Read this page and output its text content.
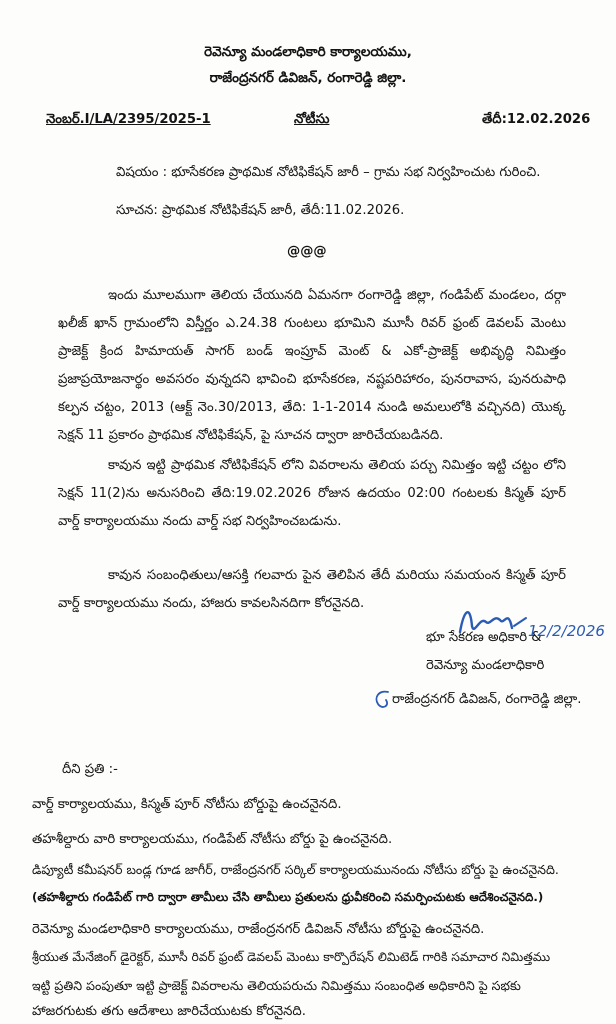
రెవెన్యూ మండలాధికారి కార్యాలయము,
రాజేంద్రనగర్ డివిజన్, రంగారెడ్డి జిల్లా.
నెంబర్.I/LA/2395/2025-1	నోటీసు	తేదీ:12.02.2026
విషయం : భూసేకరణ ప్రాథమిక నోటిఫికేషన్ జారీ – గ్రామ సభ నిర్వహించుట గురించి.
సూచన: ప్రాథమిక నోటిఫికేషన్ జారీ, తేదీ:11.02.2026.
@@@
ఇందు మూలముగా తెలియ చేయునది ఏమనగా రంగారెడ్డి జిల్లా, గండిపేట్ మండలం, దర్గా ఖలీజ్ ఖాన్ గ్రామంలోని విస్తీర్ణం ఎ.24.38 గుంటలు భూమిని మూసీ రివర్ ఫ్రంట్ డెవలప్ మెంటు ప్రాజెక్ట్ క్రింద హిమాయత్ సాగర్ బండ్ ఇంప్రూవ్ మెంట్ & ఎకో-ప్రాజెక్ట్ అభివృద్ధి నిమిత్తం ప్రజాప్రయోజనార్థం అవసరం వున్నదని భావించి భూసేకరణ, నష్టపరిహారం, పునరావాస, పునరుపాధి కల్పన చట్టం, 2013 (ఆక్ట్ నెం.30/2013, తేది: 1-1-2014 నుండి అమలులోకి వచ్చినది) యొక్క సెక్షన్ 11 ప్రకారం ప్రాథమిక నోటిఫికేషన్, పై సూచన ద్వారా జారిచేయబడినది.
కావున ఇట్టి ప్రాథమిక నోటిఫికేషన్ లోని వివరాలను తెలియ పర్చు నిమిత్తం ఇట్టి చట్టం లోని సెక్షన్ 11(2)ను అనుసరించి తేది:19.02.2026 రోజున ఉదయం 02:00 గంటలకు కిస్మత్ పూర్ వార్డ్ కార్యాలయము నందు వార్డ్ సభ నిర్వహించబడును.
కావున సంబంధితులు/ఆసక్తి గలవారు పైన తెలిపిన తేదీ మరియు సమయంన కిస్మత్ పూర్ వార్డ్ కార్యాలయము నందు, హాజరు కావలసినదిగా కోరనైనది.
12/2/2026
భూ సేకరణ అధికారి &
రెవెన్యూ మండలాధికారి
రాజేంద్రనగర్ డివిజన్, రంగారెడ్డి జిల్లా.
దీని ప్రతి :-
వార్డ్ కార్యాలయము, కిస్మత్ పూర్ నోటీసు బోర్డుపై ఉంచనైనది.
తహశీల్దారు వారి కార్యాలయము, గండిపేట్ నోటీసు బోర్డు పై ఉంచనైనది.
డిప్యూటీ కమీషనర్ బండ్ల గూడ జాగీర్, రాజేంద్రనగర్ సర్కిల్ కార్యాలయమునందు నోటీసు బోర్డు పై ఉంచనైనది.
(తహశీల్దారు గండిపేట్ గారి ద్వారా తామీలు చేసి తామీలు ప్రతులను ధ్రువీకరించి సమర్పించుటకు ఆదేశించనైనది.)
రెవెన్యూ మండలాధికారి కార్యాలయము, రాజేంద్రనగర్ డివిజన్ నోటీసు బోర్డుపై ఉంచనైనది.
శ్రీయుత మేనేజింగ్ డైరెక్టర్, మూసీ రివర్ ఫ్రంట్ డెవలప్ మెంటు కార్పొరేషన్ లిమిటెడ్ గారికి సమాచార నిమిత్తము
ఇట్టి ప్రతిని పంపుతూ ఇట్టి ప్రాజెక్ట్ వివరాలను తెలియపరుచు నిమిత్తము సంబంధిత అధికారిని పై సభకు
హాజరగుటకు తగు ఆదేశాలు జారిచేయుటకు కోరనైనది.
